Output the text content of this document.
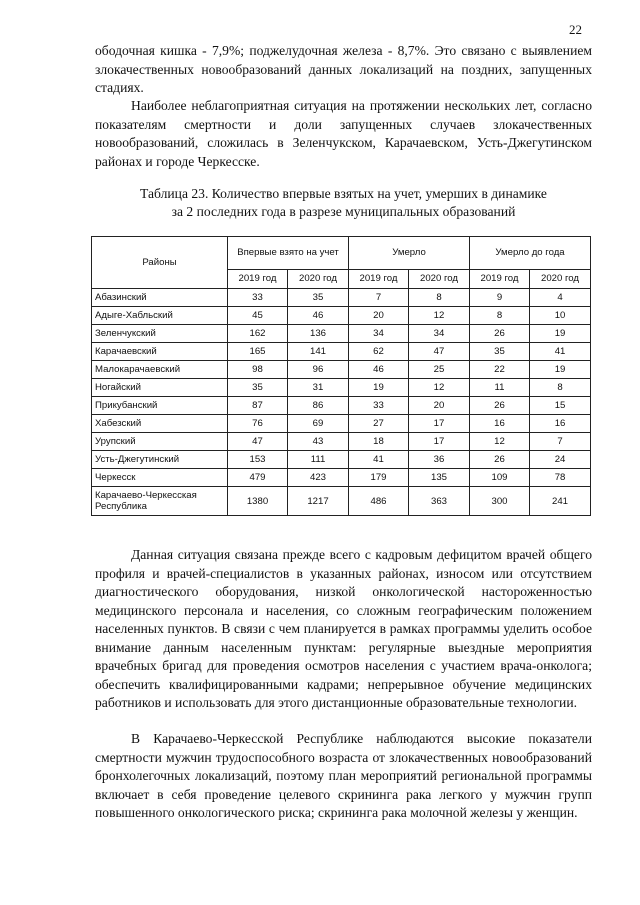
22

ободочная кишка - 7,9%; поджелудочная железа - 8,7%. Это связано с выявлением злокачественных новообразований данных локализаций на поздних, запущенных стадиях.

Наиболее неблагоприятная ситуация на протяжении нескольких лет, согласно показателям смертности и доли запущенных случаев злокачественных новообразований, сложилась в Зеленчукском, Карачаевском, Усть-Джегутинском районах и городе Черкесске.

Таблица 23. Количество впервые взятых на учет, умерших в динамике
за 2 последних года в разрезе муниципальных образований
Районы	Впервые взято на учет		Умерло		Умерло до года	
	2019 год	2020 год	2019 год	2020 год	2019 год	2020 год
Абазинский	33	35	7	8	9	4
Адыге-Хабльский	45	46	20	12	8	10
Зеленчукский	162	136	34	34	26	19
Карачаевский	165	141	62	47	35	41
Малокарачаевский	98	96	46	25	22	19
Ногайский	35	31	19	12	11	8
Прикубанский	87	86	33	20	26	15
Хабезский	76	69	27	17	16	16
Урупский	47	43	18	17	12	7
Усть-Джегутинский	153	111	41	36	26	24
Черкесск	479	423	179	135	109	78
Карачаево-Черкесская Республика	1380	1217	486	363	300	241

Данная ситуация связана прежде всего с кадровым дефицитом врачей общего профиля и врачей-специалистов в указанных районах, износом или отсутствием диагностического оборудования, низкой онкологической настороженностью медицинского персонала и населения, со сложным географическим положением населенных пунктов. В связи с чем планируется в рамках программы уделить особое внимание данным населенным пунктам: регулярные выездные мероприятия врачебных бригад для проведения осмотров населения с участием врача-онколога; обеспечить квалифицированными кадрами; непрерывное обучение медицинских работников и использовать для этого дистанционные образовательные технологии.

В Карачаево-Черкесской Республике наблюдаются высокие показатели смертности мужчин трудоспособного возраста от злокачественных новообразований бронхолегочных локализаций, поэтому план мероприятий региональной программы включает в себя проведение целевого скрининга рака легкого у мужчин групп повышенного онкологического риска; скрининга рака молочной железы у женщин.
